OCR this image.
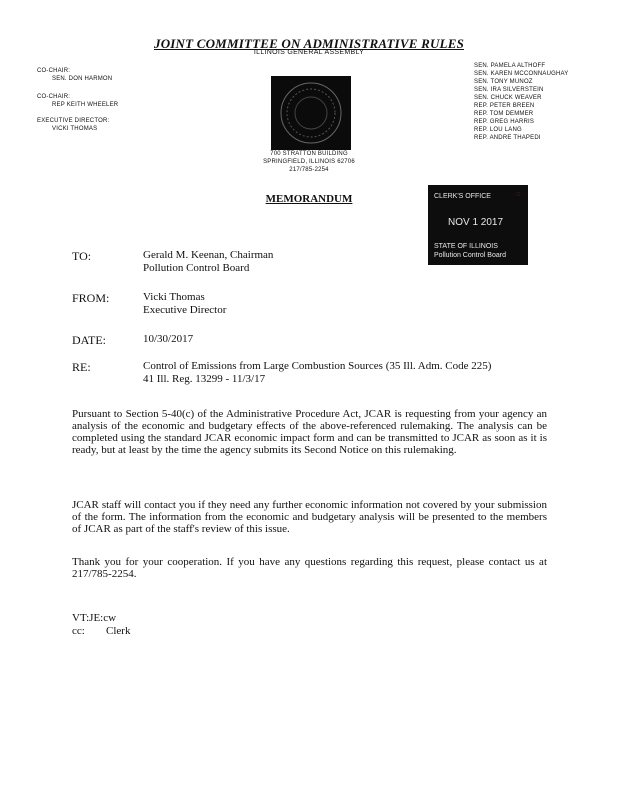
JOINT COMMITTEE ON ADMINISTRATIVE RULES
ILLINOIS GENERAL ASSEMBLY
CO-CHAIR:
SEN. DON HARMON
CO-CHAIR:
REP KEITH WHEELER
EXECUTIVE DIRECTOR:
VICKI THOMAS
SEN. PAMELA ALTHOFF
SEN. KAREN MCCONNAUGHAY
SEN. TONY MUNOZ
SEN. IRA SILVERSTEIN
SEN. CHUCK WEAVER
REP. PETER BREEN
REP. TOM DEMMER
REP. GREG HARRIS
REP. LOU LANG
REP. ANDRE THAPEDI
700 STRATTON BUILDING
SPRINGFIELD, ILLINOIS 62706
217/785-2254
MEMORANDUM	CLERK'S OFFICE
NOV 1 2017
STATE OF ILLINOIS
Pollution Control Board
◌
TO:	Gerald M. Keenan, Chairman
Pollution Control Board
FROM:	Vicki Thomas
Executive Director
DATE:	10/30/2017
RE:	Control of Emissions from Large Combustion Sources (35 Ill. Adm. Code 225)
41 Ill. Reg. 13299 - 11/3/17
Pursuant to Section 5-40(c) of the Administrative Procedure Act, JCAR is requesting from your agency an analysis of the economic and budgetary effects of the above-referenced rulemaking. The analysis can be completed using the standard JCAR economic impact form and can be transmitted to JCAR as soon as it is ready, but at least by the time the agency submits its Second Notice on this rulemaking.
JCAR staff will contact you if they need any further economic information not covered by your submission of the form. The information from the economic and budgetary analysis will be presented to the members of JCAR as part of the staff's review of this issue.
Thank you for your cooperation. If you have any questions regarding this request, please contact us at 217/785-2254.
VT:JE:cw
cc: Clerk
